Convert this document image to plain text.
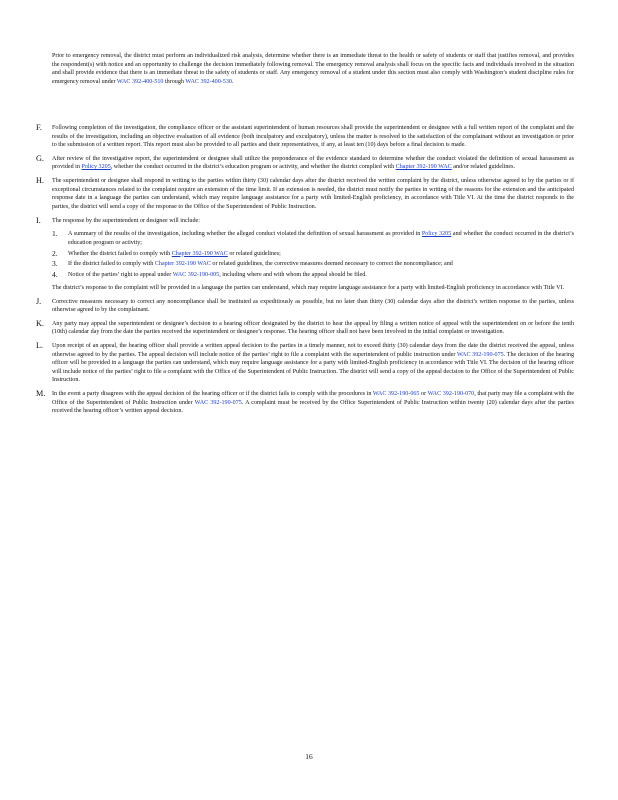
Prior to emergency removal, the district must perform an individualized risk analysis, determine whether there is an immediate threat to the health or safety of students or staff that justifies removal, and provides the respondent(s) with notice and an opportunity to challenge the decision immediately following removal. The emergency removal analysis shall focus on the specific facts and individuals involved in the situation and shall provide evidence that there is an immediate threat to the safety of students or staff. Any emergency removal of a student under this section must also comply with Washington’s student discipline rules for emergency removal under WAC 392-400-510 through WAC 392-400-530.

F.	Following completion of the investigation, the compliance officer or the assistant superintendent of human resources shall provide the superintendent or designee with a full written report of the complaint and the results of the investigation, including an objective evaluation of all evidence (both inculpatory and exculpatory), unless the matter is resolved to the satisfaction of the complainant without an investigation or prior to the submission of a written report. This report must also be provided to all parties and their representatives, if any, at least ten (10) days before a final decision is made.
G.	After review of the investigative report, the superintendent or designee shall utilize the preponderance of the evidence standard to determine whether the conduct violated the definition of sexual harassment as provided in Policy 3205, whether the conduct occurred in the district’s education program or activity, and whether the district complied with Chapter 392-190 WAC and/or related guidelines.
H.	The superintendent or designee shall respond in writing to the parties within thirty (30) calendar days after the district received the written complaint by the district, unless otherwise agreed to by the parties or if exceptional circumstances related to the complaint require an extension of the time limit. If an extension is needed, the district must notify the parties in writing of the reasons for the extension and the anticipated response date in a language the parties can understand, which may require language assistance for a party with limited-English proficiency, in accordance with Title VI. At the time the district responds to the parties, the district will send a copy of the response to the Office of the Superintendent of Public Instruction.
I.	The response by the superintendent or designee will include:
1.	A summary of the results of the investigation, including whether the alleged conduct violated the definition of sexual harassment as provided in Policy 3205 and whether the conduct occurred in the district’s education program or activity;
2.	Whether the district failed to comply with Chapter 392-190 WAC or related guidelines;
3.	If the district failed to comply with Chapter 392-190 WAC or related guidelines, the corrective measures deemed necessary to correct the noncompliance; and
4.	Notice of the parties’ right to appeal under WAC 392-190-005, including where and with whom the appeal should be filed.
The district’s response to the complaint will be provided in a language the parties can understand, which may require language assistance for a party with limited-English proficiency in accordance with Title VI.
J.	Corrective measures necessary to correct any noncompliance shall be instituted as expeditiously as possible, but no later than thirty (30) calendar days after the district’s written response to the parties, unless otherwise agreed to by the complainant.
K.	Any party may appeal the superintendent or designee’s decision to a hearing officer designated by the district to hear the appeal by filing a written notice of appeal with the superintendent on or before the tenth (10th) calendar day from the date the parties received the superintendent or designee’s response. The hearing officer shall not have been involved in the initial complaint or investigation.
L.	Upon receipt of an appeal, the hearing officer shall provide a written appeal decision to the parties in a timely manner, not to exceed thirty (30) calendar days from the date the district received the appeal, unless otherwise agreed to by the parties. The appeal decision will include notice of the parties’ right to file a complaint with the superintendent of public instruction under WAC 392-190-075. The decision of the hearing officer will be provided in a language the parties can understand, which may require language assistance for a party with limited-English proficiency in accordance with Title VI. The decision of the hearing officer will include notice of the parties’ right to file a complaint with the Office of the Superintendent of Public Instruction. The district will send a copy of the appeal decision to the Office of the Superintendent of Public Instruction.
M.	In the event a party disagrees with the appeal decision of the hearing officer or if the district fails to comply with the procedures in WAC 392-190-065 or WAC 392-190-070, that party may file a complaint with the Office of the Superintendent of Public Instruction under WAC 392-190-075. A complaint must be received by the Office Superintendent of Public Instruction within twenty (20) calendar days after the parties received the hearing officer’s written appeal decision.
16
